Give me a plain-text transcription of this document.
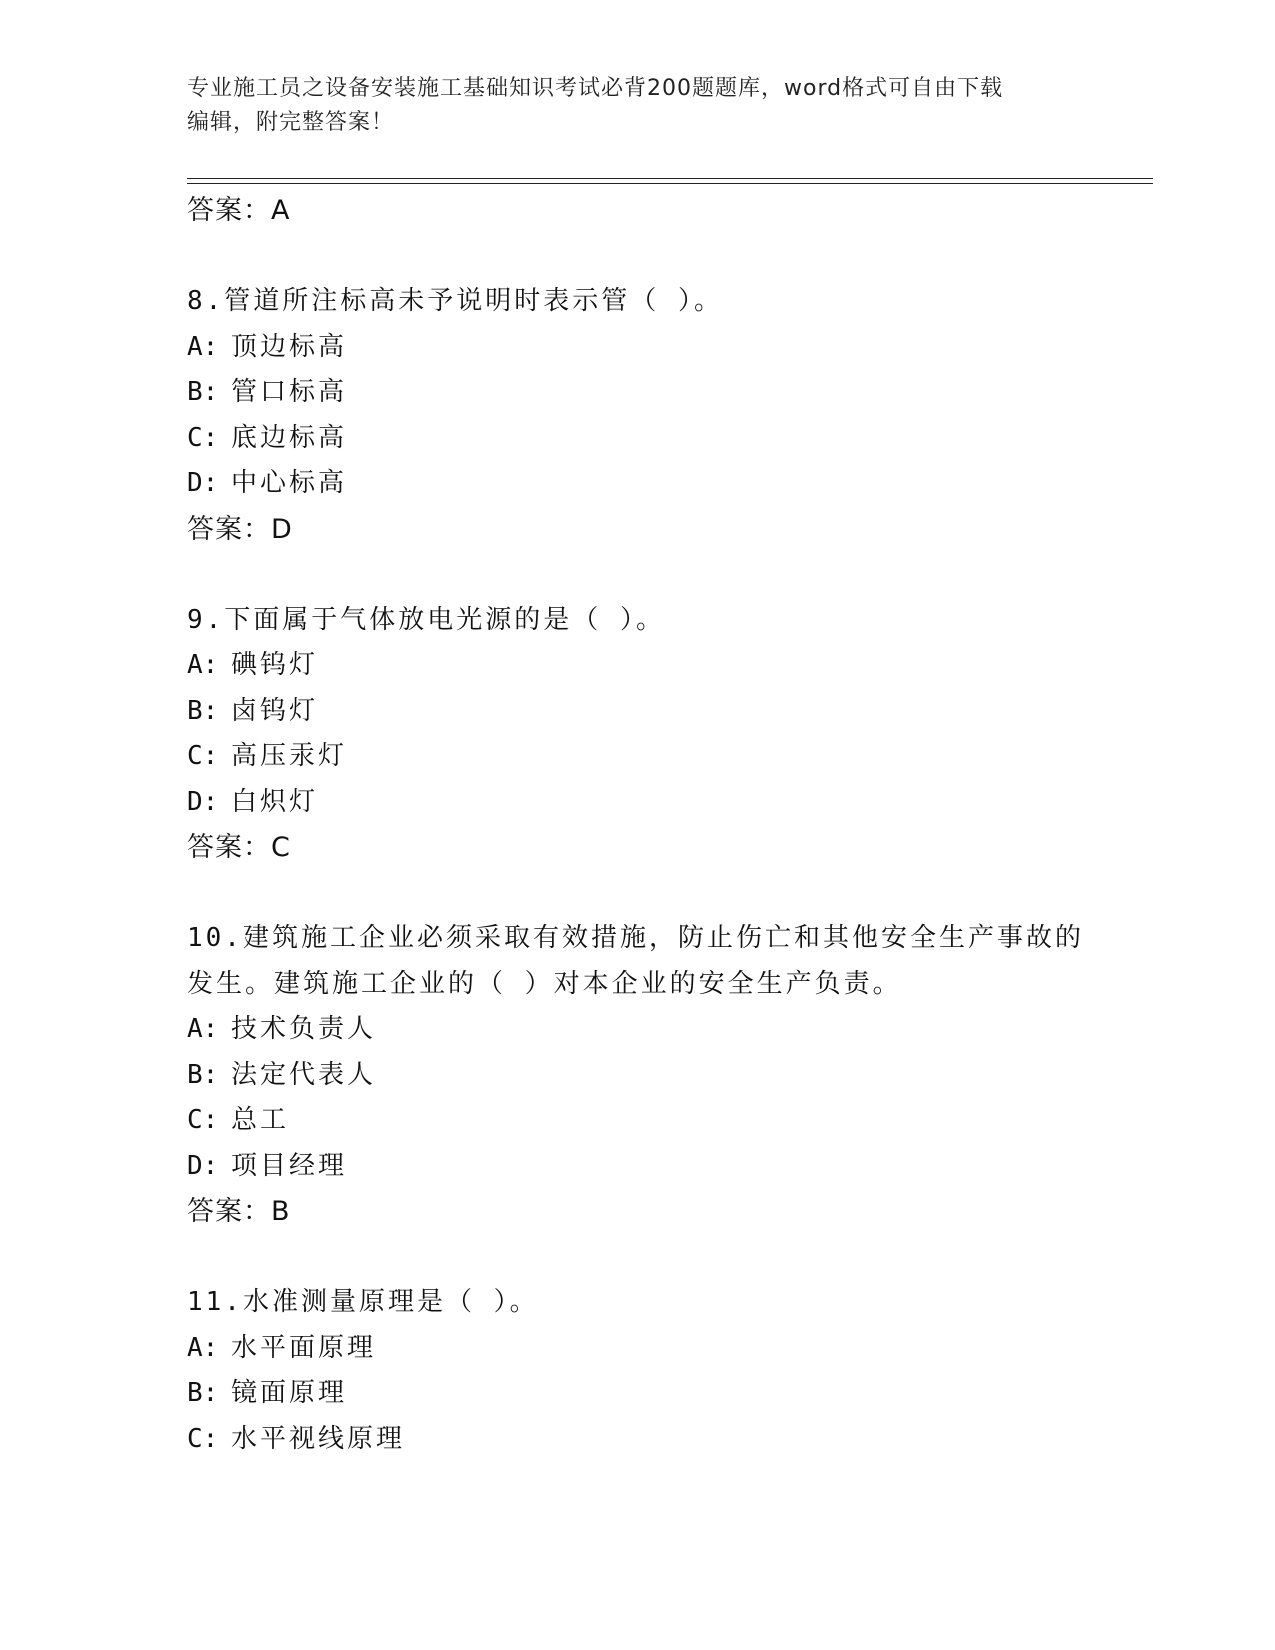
专业施工员之设备安装施工基础知识考试必背200题题库，word格式可自由下载
编辑，附完整答案！
答案：A
8.管道所注标高未予说明时表示管（ ）。
A: 顶边标高
B: 管口标高
C: 底边标高
D: 中心标高
答案：D
9.下面属于气体放电光源的是（ ）。
A: 碘钨灯
B: 卤钨灯
C: 高压汞灯
D: 白炽灯
答案：C
10.建筑施工企业必须采取有效措施，防止伤亡和其他安全生产事故的
发生。建筑施工企业的（ ）对本企业的安全生产负责。
A: 技术负责人
B: 法定代表人
C: 总工
D: 项目经理
答案：B
11.水准测量原理是（ ）。
A: 水平面原理
B: 镜面原理
C: 水平视线原理
